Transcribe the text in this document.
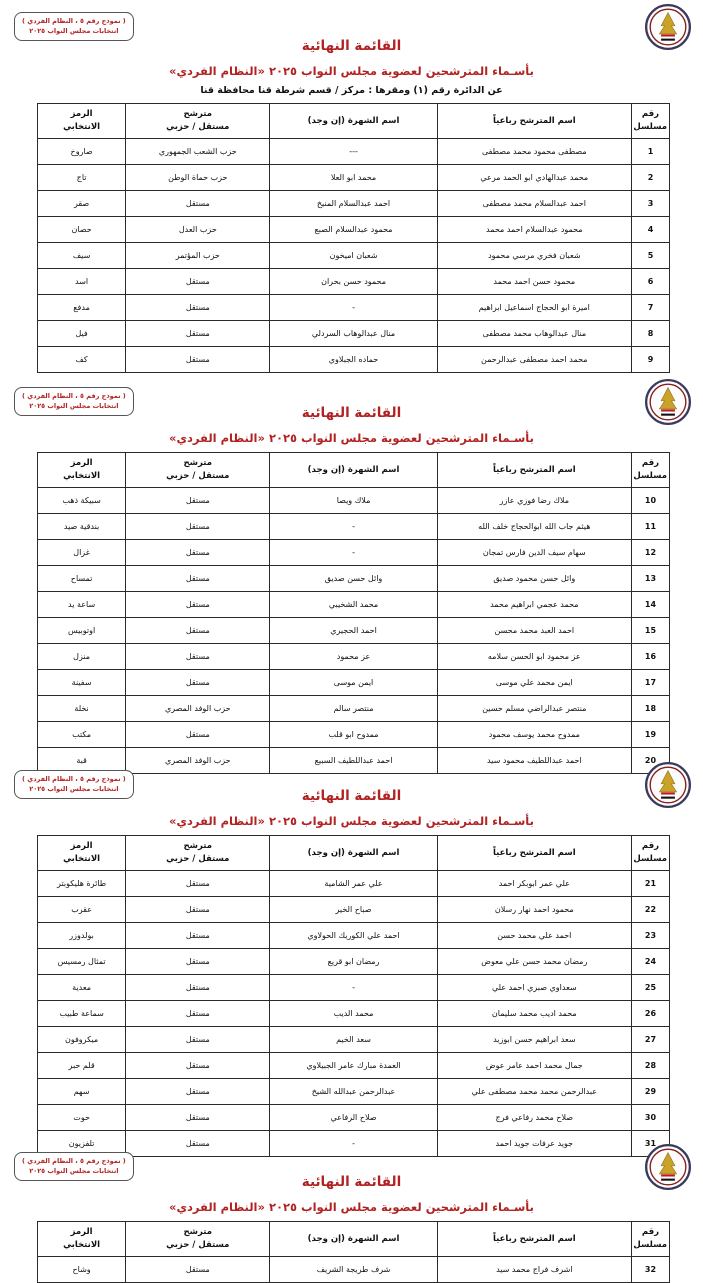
( نموذج رقم ٥ ، النظام الفردي )
انتخابات مجلس النواب ٢٠٢٥
القائمة النهائية
بأسـماء المترشحين لعضوية مجلس النواب ٢٠٢٥ «النظام الفردي»
عن الدائرة رقم (١) ومقرها : مركز / قسم شرطة قنا محافظة قنا
رقم
مسلسل	اسم المترشح رباعياً	اسم الشهرة (إن وجد)	مترشح
مستقل / حزبي	الرمز
الانتخابي
1	مصطفى محمود محمد مصطفى	---	حزب الشعب الجمهوري	صاروخ
2	محمد عبدالهادي ابو الحمد مرعي	محمد ابو العلا	حزب حماة الوطن	تاج
3	احمد عبدالسلام محمد مصطفى	احمد عبدالسلام المنيخ	مستقل	صقر
4	محمود عبدالسلام احمد محمد	محمود عبدالسلام الصبع	حزب العدل	حصان
5	شعبان فخري مرسي محمود	شعبان اميخون	حزب المؤتمر	سيف
6	محمود حسن احمد محمد	محمود حسن بحران	مستقل	اسد
7	اميرة ابو الحجاج اسماعيل ابراهيم	-	مستقل	مدفع
8	منال عبدالوهاب محمد مصطفى	منال عبدالوهاب السردلي	مستقل	فيل
9	محمد احمد مصطفى عبدالرحمن	حماده الجبلاوي	مستقل	كف
( نموذج رقم ٥ ، النظام الفردي )
انتخابات مجلس النواب ٢٠٢٥	القائمة النهائية
بأسـماء المترشحين لعضوية مجلس النواب ٢٠٢٥ «النظام الفردي»
رقم
مسلسل	اسم المترشح رباعياً	اسم الشهرة (إن وجد)	مترشح
مستقل / حزبي	الرمز
الانتخابي
10	ملاك رضا فوزي عازر	ملاك ويصا	مستقل	سبيكة ذهب
11	هيثم جاب الله ابوالحجاج خلف الله	-	مستقل	بندقية صيد
12	سهام سيف الدين فارس تمجان	-	مستقل	غزال
13	وائل حسن محمود صديق	وائل حسن صديق	مستقل	تمساح
14	محمد عجمي ابراهيم محمد	محمد الشخيبي	مستقل	ساعة يد
15	احمد العبد محمد محسن	احمد الحجيري	مستقل	اوتوبيس
16	عز محمود ابو الحسن سلامه	عز محمود	مستقل	منزل
17	ايمن محمد علي موسى	ايمن موسى	مستقل	سفينة
18	منتصر عبدالراضي مسلم حسين	منتصر سالم	حزب الوفد المصري	نخلة
19	ممدوح محمد يوسف محمود	ممدوح ابو قلب	مستقل	مكتب
20	احمد عبداللطيف محمود سيد	احمد عبداللطيف السبيع	حزب الوفد المصري	قبة
( نموذج رقم ٥ ، النظام الفردي )
انتخابات مجلس النواب ٢٠٢٥	القائمة النهائية
بأسـماء المترشحين لعضوية مجلس النواب ٢٠٢٥ «النظام الفردي»
رقم
مسلسل	اسم المترشح رباعياً	اسم الشهرة (إن وجد)	مترشح
مستقل / حزبي	الرمز
الانتخابي
21	علي عمر ابوبكر احمد	علي عمر الشامية	مستقل	طائرة هليكوبتر
22	محمود احمد نهار رسلان	صباح الخير	مستقل	عقرب
23	احمد علي محمد حسن	احمد علي الكوريك الحولاوي	مستقل	بولدوزر
24	رمضان محمد حسن علي معوض	رمضان ابو قريع	مستقل	تمثال رمسيس
25	سعداوي صبري احمد علي	-	مستقل	معدية
26	محمد اديب محمد سليمان	محمد الديب	مستقل	سماعة طبيب
27	سعد ابراهيم حسن ابوزيد	سعد الخيم	مستقل	ميكروفون
28	جمال محمد احمد عامر عوض	العمدة مبارك عامر الجبيلاوي	مستقل	قلم حبر
29	عبدالرحمن محمد محمد مصطفى علي	عبدالرحمن عبدالله الشيخ	مستقل	سهم
30	صلاح محمد رفاعي فرج	صلاح الرفاعي	مستقل	حوت
31	جويد عرفات جويد احمد	-	مستقل	تلفزيون
( نموذج رقم ٥ ، النظام الفردي )
انتخابات مجلس النواب ٢٠٢٥
القائمة النهائية
بأسـماء المترشحين لعضوية مجلس النواب ٢٠٢٥ «النظام الفردي»
رقم
مسلسل	اسم المترشح رباعياً	اسم الشهرة (إن وجد)	مترشح
مستقل / حزبي	الرمز
الانتخابي
32	اشرف فراج محمد سيد	شرف طريجة الشريف	مستقل	وشاح
